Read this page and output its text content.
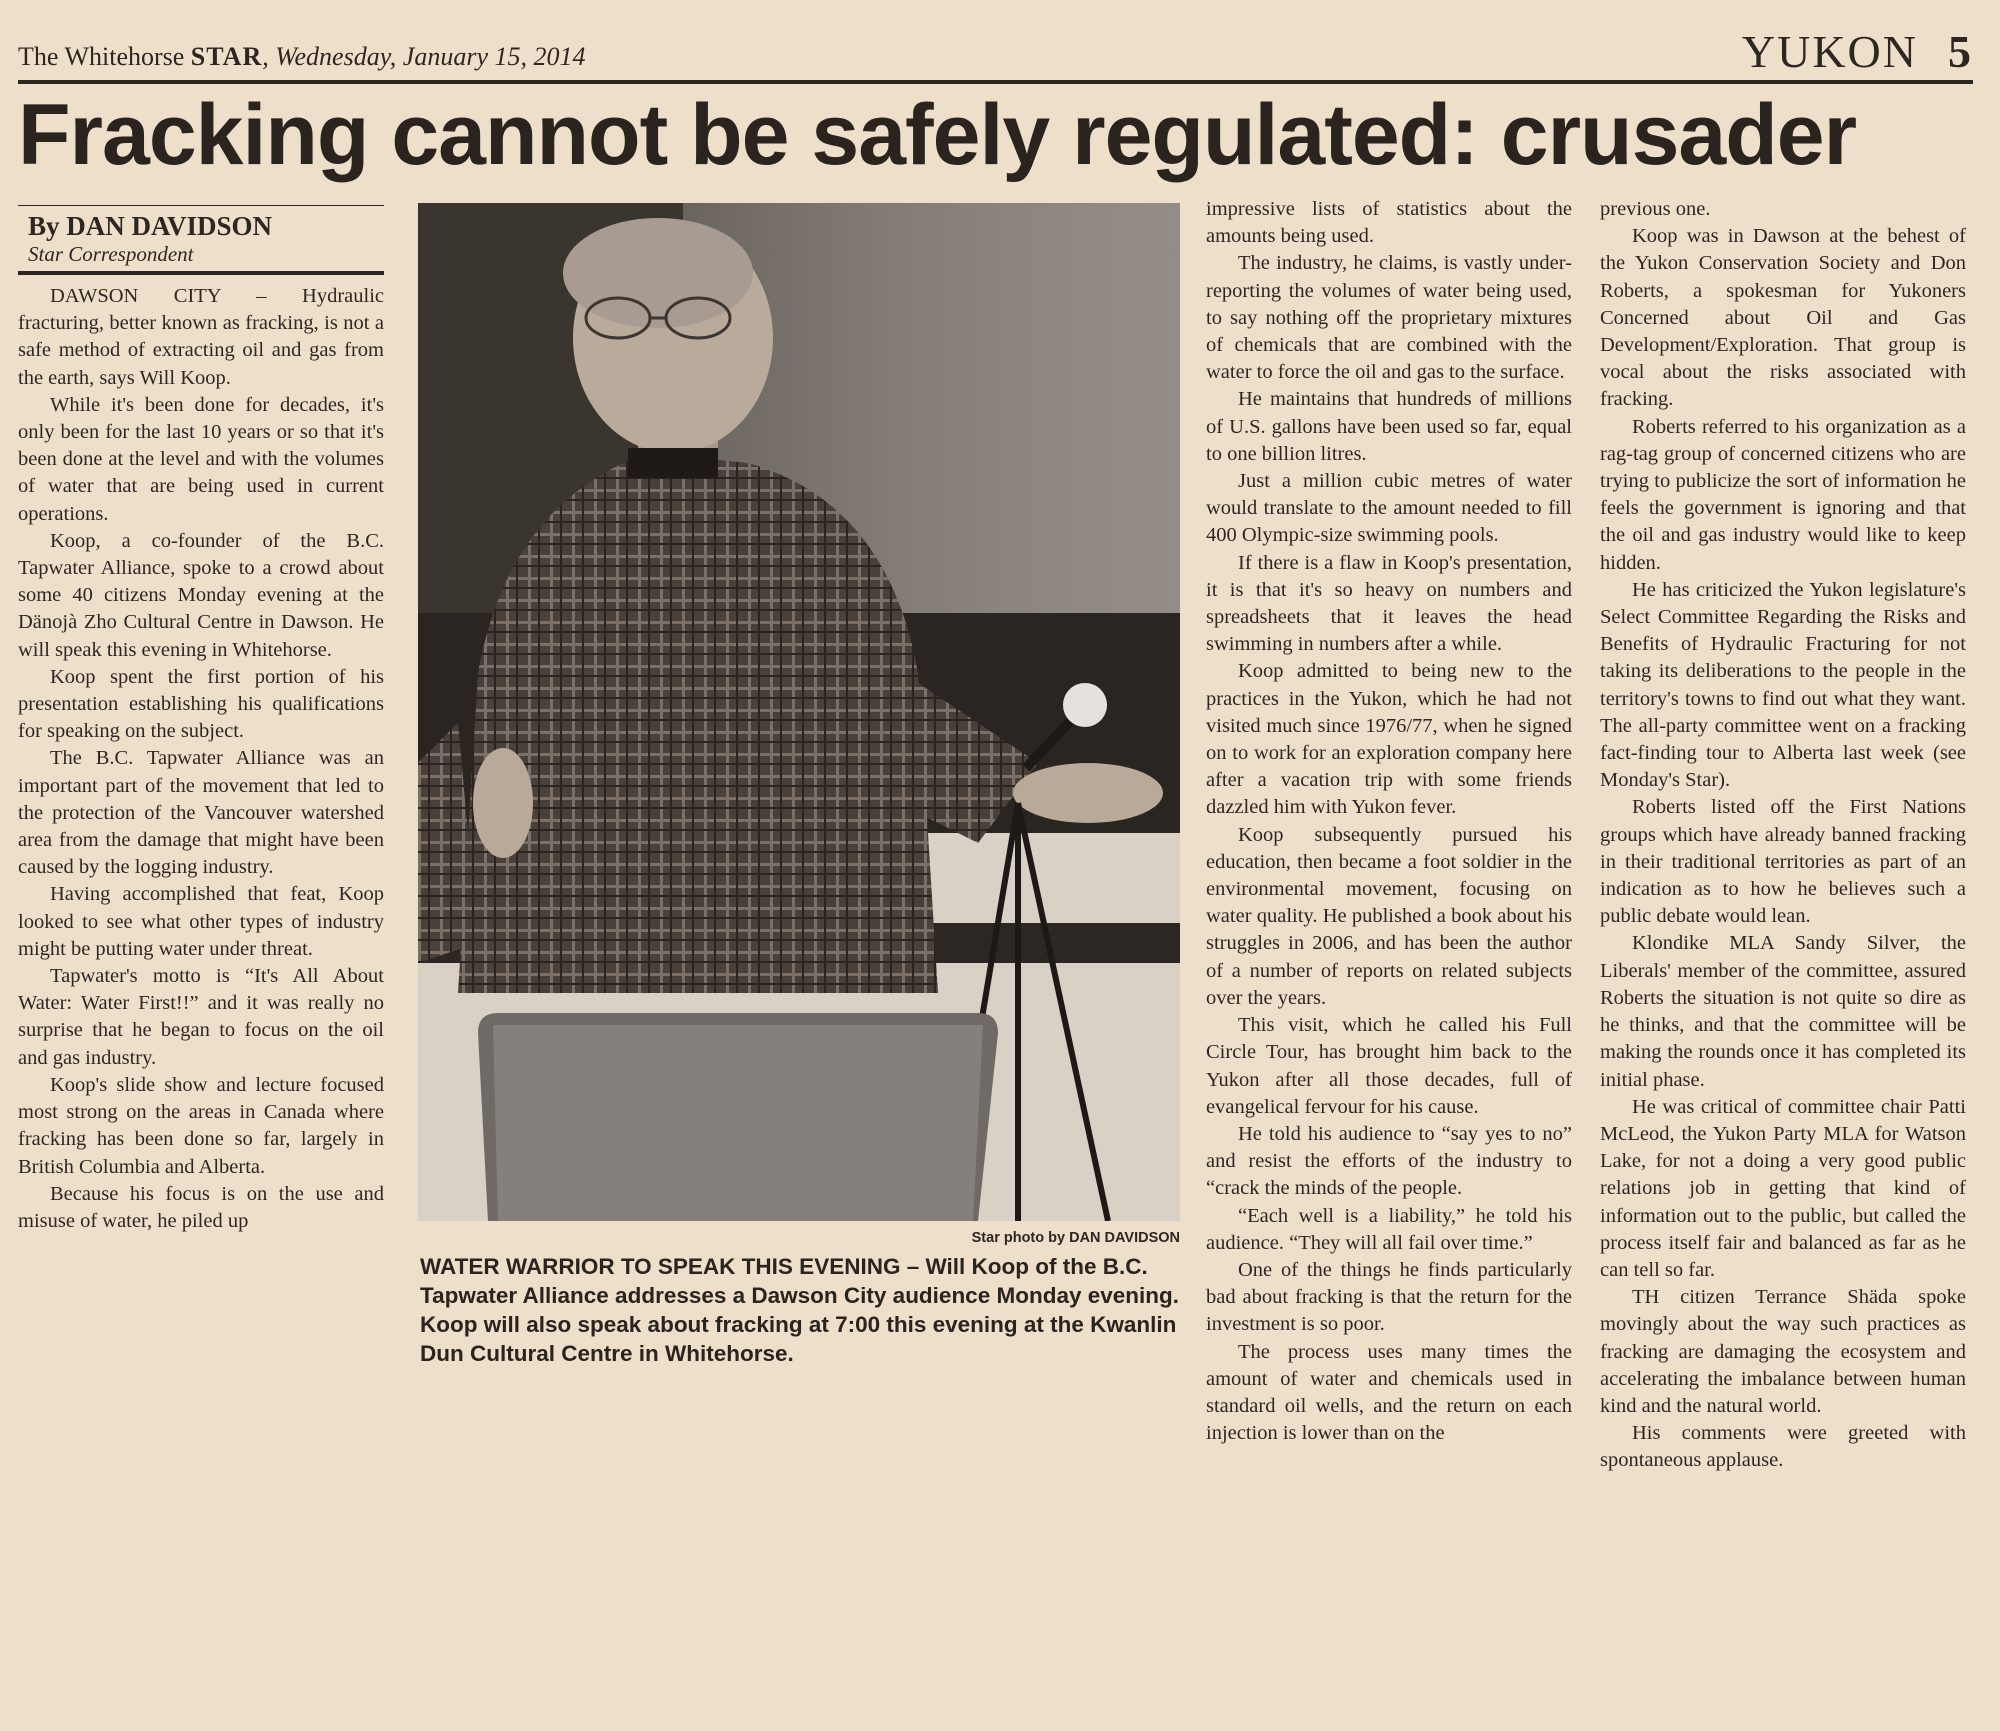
The Whitehorse STAR, Wednesday, January 15, 2014	YUKON 5
Fracking cannot be safely regulated: crusader
By DAN DAVIDSON
Star Correspondent

DAWSON CITY – Hydraulic fracturing, better known as fracking, is not a safe method of extracting oil and gas from the earth, says Will Koop.

While it's been done for decades, it's only been for the last 10 years or so that it's been done at the level and with the volumes of water that are being used in current operations.

Koop, a co-founder of the B.C. Tapwater Alliance, spoke to a crowd about some 40 citizens Monday evening at the Dänojà Zho Cultural Centre in Dawson. He will speak this evening in Whitehorse.

Koop spent the first portion of his presentation establishing his qualifications for speaking on the subject.

The B.C. Tapwater Alliance was an important part of the movement that led to the protection of the Vancouver watershed area from the damage that might have been caused by the logging industry.

Having accomplished that feat, Koop looked to see what other types of industry might be putting water under threat.

Tapwater's motto is “It's All About Water: Water First!!” and it was really no surprise that he began to focus on the oil and gas industry.

Koop's slide show and lecture focused most strong on the areas in Canada where fracking has been done so far, largely in British Columbia and Alberta.

Because his focus is on the use and misuse of water, he piled up

Star photo by DAN DAVIDSON
WATER WARRIOR TO SPEAK THIS EVENING – Will Koop of the B.C. Tapwater Alliance addresses a Dawson City audience Monday evening. Koop will also speak about fracking at 7:00 this evening at the Kwanlin Dun Cultural Centre in Whitehorse.

impressive lists of statistics about the amounts being used.

The industry, he claims, is vastly under-reporting the volumes of water being used, to say nothing off the proprietary mixtures of chemicals that are combined with the water to force the oil and gas to the surface.

He maintains that hundreds of millions of U.S. gallons have been used so far, equal to one billion litres.

Just a million cubic metres of water would translate to the amount needed to fill 400 Olympic-size swimming pools.

If there is a flaw in Koop's presentation, it is that it's so heavy on numbers and spreadsheets that it leaves the head swimming in numbers after a while.

Koop admitted to being new to the practices in the Yukon, which he had not visited much since 1976/77, when he signed on to work for an exploration company here after a vacation trip with some friends dazzled him with Yukon fever.

Koop subsequently pursued his education, then became a foot soldier in the environmental movement, focusing on water quality. He published a book about his struggles in 2006, and has been the author of a number of reports on related subjects over the years.

This visit, which he called his Full Circle Tour, has brought him back to the Yukon after all those decades, full of evangelical fervour for his cause.

He told his audience to “say yes to no” and resist the efforts of the industry to “crack the minds of the people.

“Each well is a liability,” he told his audience. “They will all fail over time.”

One of the things he finds particularly bad about fracking is that the return for the investment is so poor.

The process uses many times the amount of water and chemicals used in standard oil wells, and the return on each injection is lower than on the

previous one.

Koop was in Dawson at the behest of the Yukon Conservation Society and Don Roberts, a spokesman for Yukoners Concerned about Oil and Gas Development/Exploration. That group is vocal about the risks associated with fracking.

Roberts referred to his organization as a rag-tag group of concerned citizens who are trying to publicize the sort of information he feels the government is ignoring and that the oil and gas industry would like to keep hidden.

He has criticized the Yukon legislature's Select Committee Regarding the Risks and Benefits of Hydraulic Fracturing for not taking its deliberations to the people in the territory's towns to find out what they want. The all-party committee went on a fracking fact-finding tour to Alberta last week (see Monday's Star).

Roberts listed off the First Nations groups which have already banned fracking in their traditional territories as part of an indication as to how he believes such a public debate would lean.

Klondike MLA Sandy Silver, the Liberals' member of the committee, assured Roberts the situation is not quite so dire as he thinks, and that the committee will be making the rounds once it has completed its initial phase.

He was critical of committee chair Patti McLeod, the Yukon Party MLA for Watson Lake, for not a doing a very good public relations job in getting that kind of information out to the public, but called the process itself fair and balanced as far as he can tell so far.

TH citizen Terrance Shäda spoke movingly about the way such practices as fracking are damaging the ecosystem and accelerating the imbalance between human kind and the natural world.

His comments were greeted with spontaneous applause.
